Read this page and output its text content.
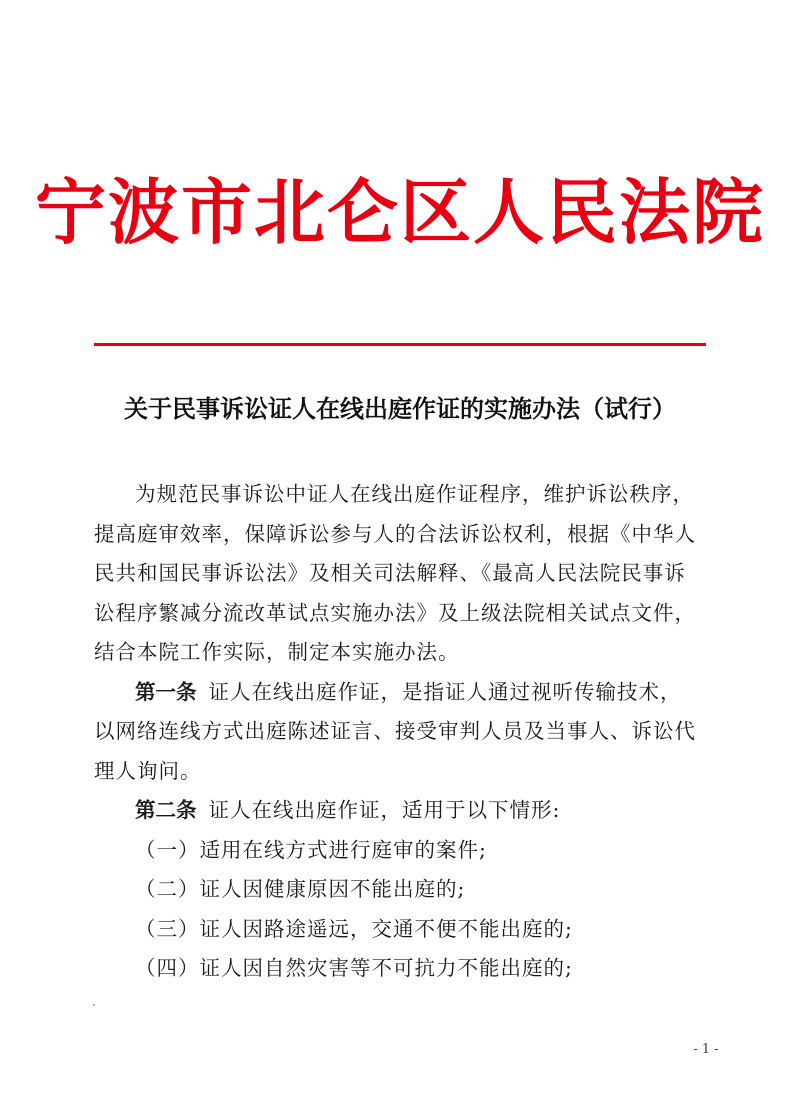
宁波市北仑区人民法院
关于民事诉讼证人在线出庭作证的实施办法（试行）
为规范民事诉讼中证人在线出庭作证程序，维护诉讼秩序，
提高庭审效率，保障诉讼参与人的合法诉讼权利，根据《中华人
民共和国民事诉讼法》及相关司法解释、《最高人民法院民事诉
讼程序繁减分流改革试点实施办法》及上级法院相关试点文件，
结合本院工作实际，制定本实施办法。
第一条 证人在线出庭作证，是指证人通过视听传输技术，
以网络连线方式出庭陈述证言、接受审判人员及当事人、诉讼代
理人询问。
第二条 证人在线出庭作证，适用于以下情形:
（一）适用在线方式进行庭审的案件;
（二）证人因健康原因不能出庭的;
（三）证人因路途遥远，交通不便不能出庭的;
（四）证人因自然灾害等不可抗力不能出庭的;
- 1 -
